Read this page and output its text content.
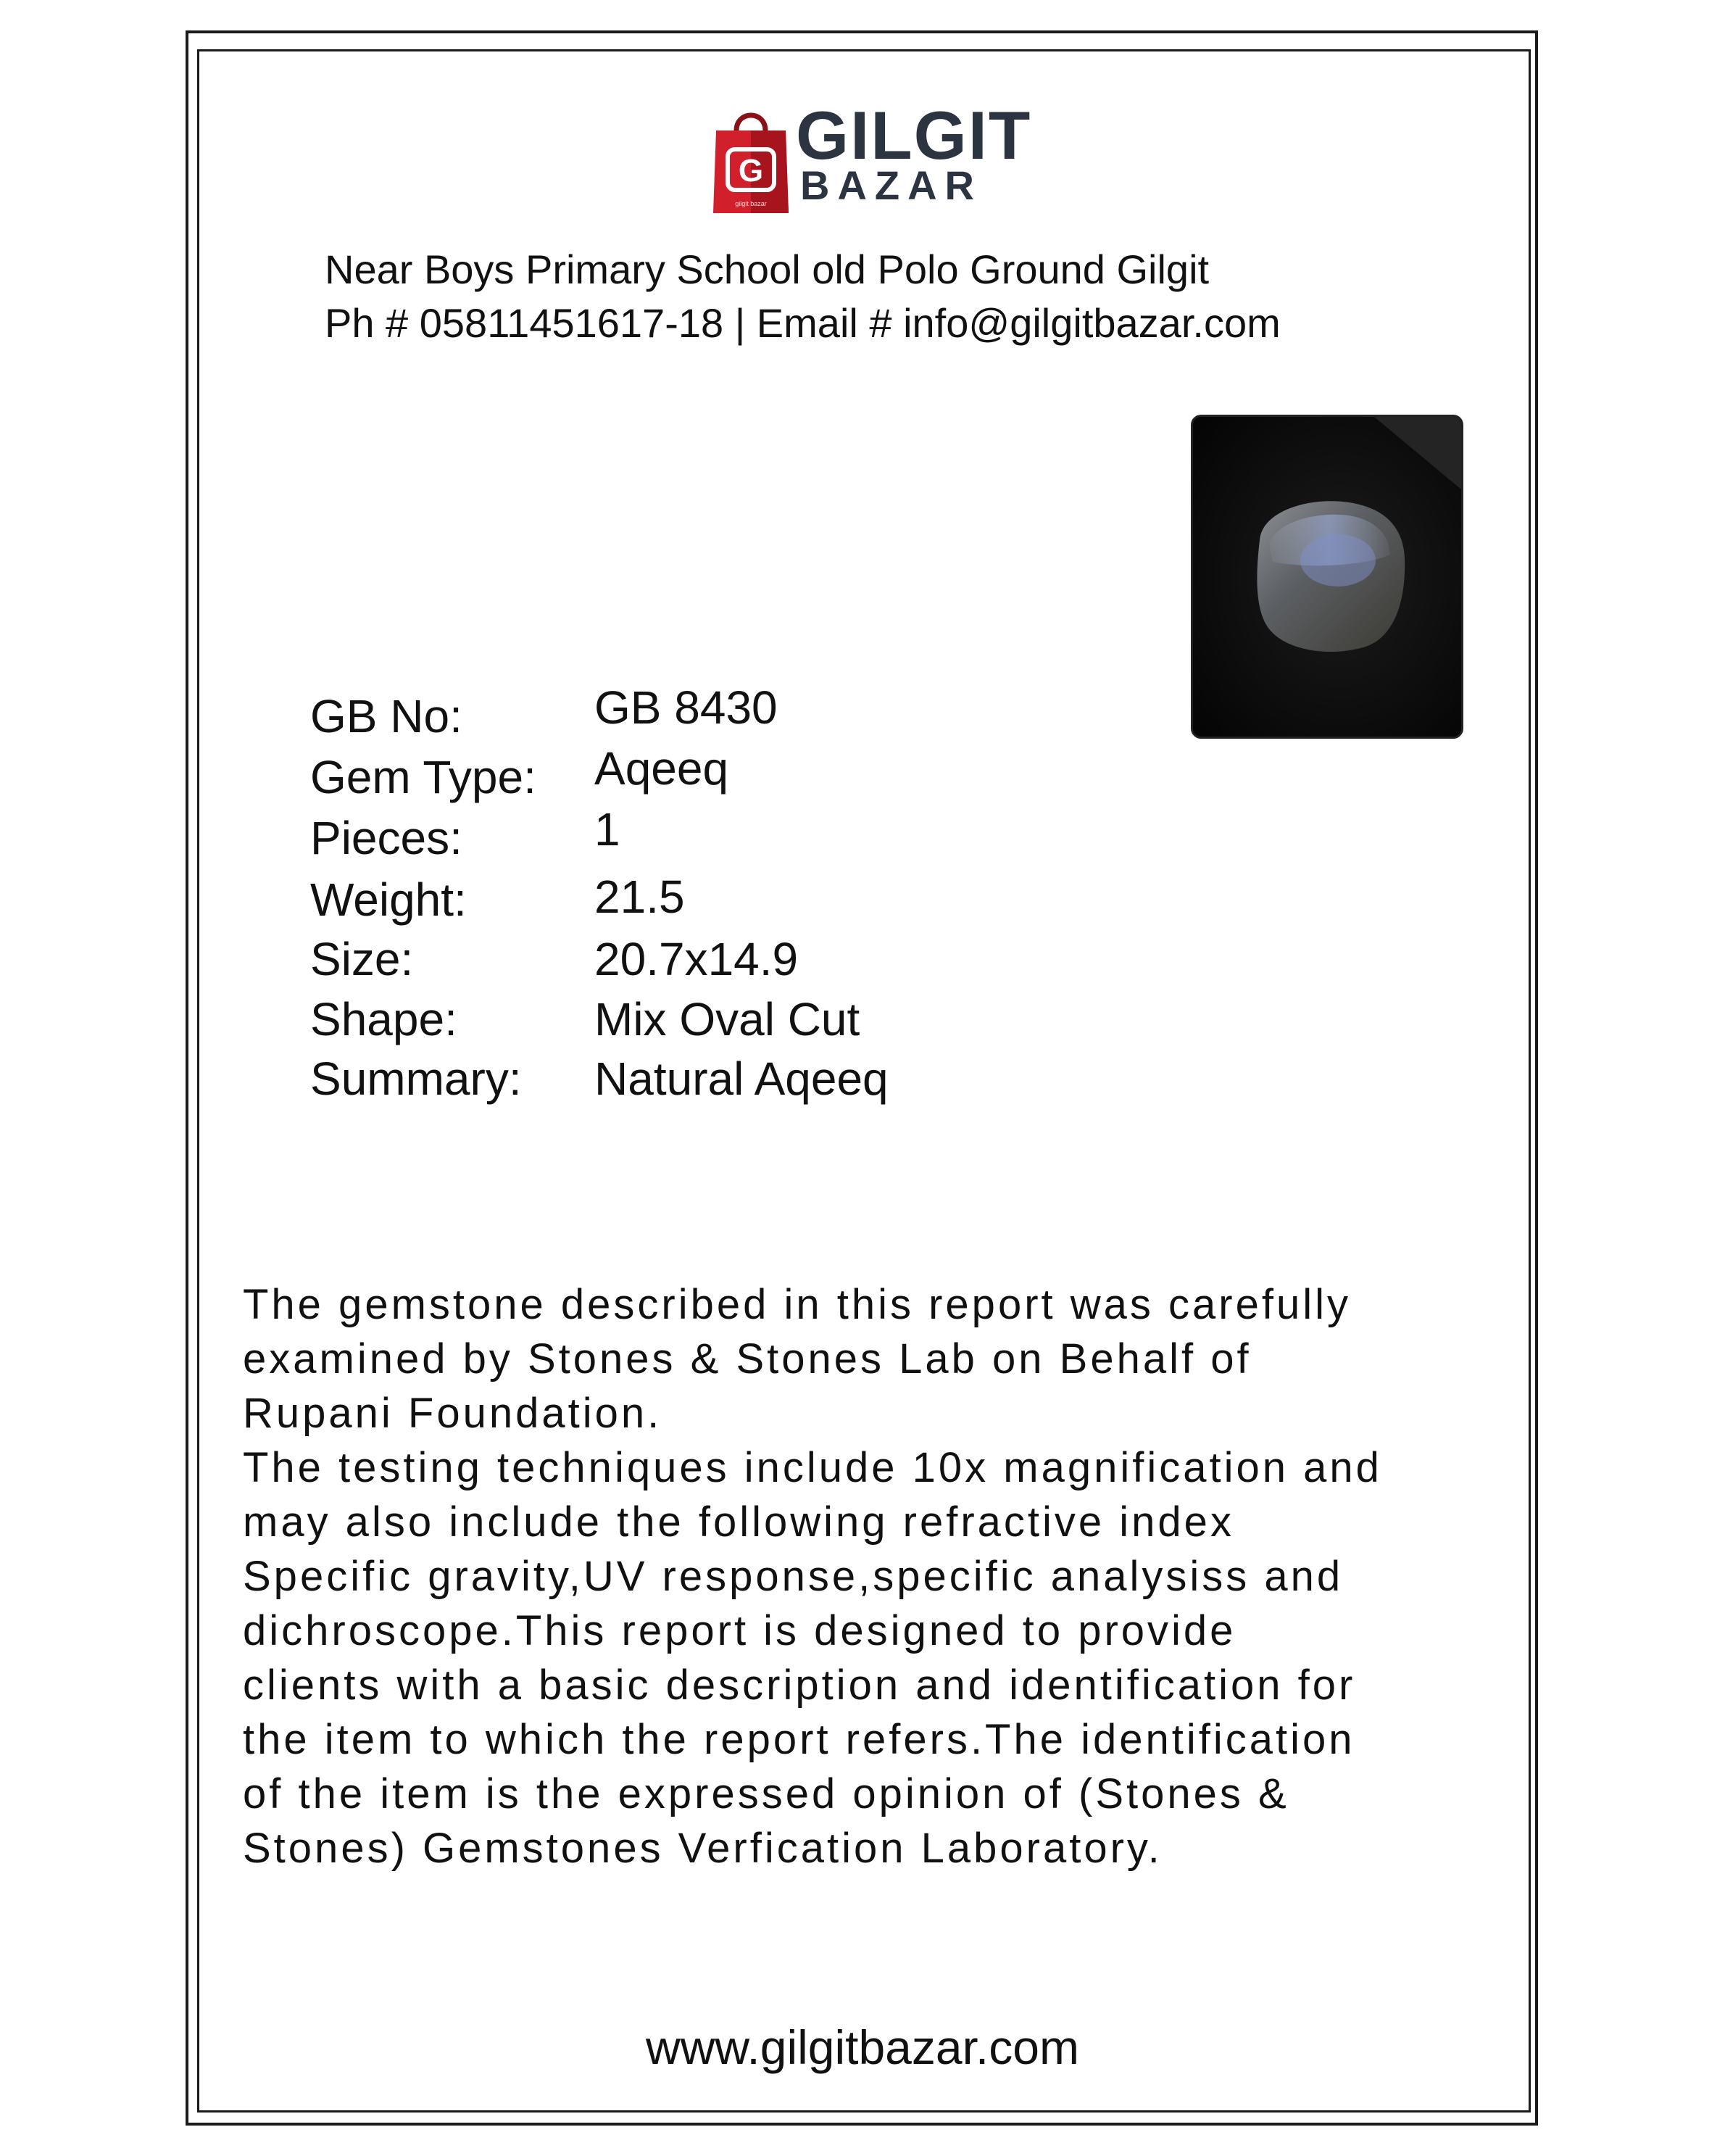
G
gilgit bazar
GILGIT
BAZAR
Near Boys Primary School old Polo Ground Gilgit
Ph # 05811451617-18 | Email # info@gilgitbazar.com
GB No:	GB 8430
Gem Type: Aqeeq
Pieces:	1
Weight:	21.5
Size:	20.7x14.9
Shape:	Mix Oval Cut
Summary: Natural Aqeeq

The gemstone described in this report was carefully

examined by Stones & Stones Lab on Behalf of

Rupani Foundation.

The testing techniques include 10x magnification and

may also include the following refractive index

Specific gravity,UV response,specific analysiss and

dichroscope.This report is designed to provide

clients with a basic description and identification for

the item to which the report refers.The identification

of the item is the expressed opinion of (Stones &

Stones) Gemstones Verfication Laboratory.

www.gilgitbazar.com
